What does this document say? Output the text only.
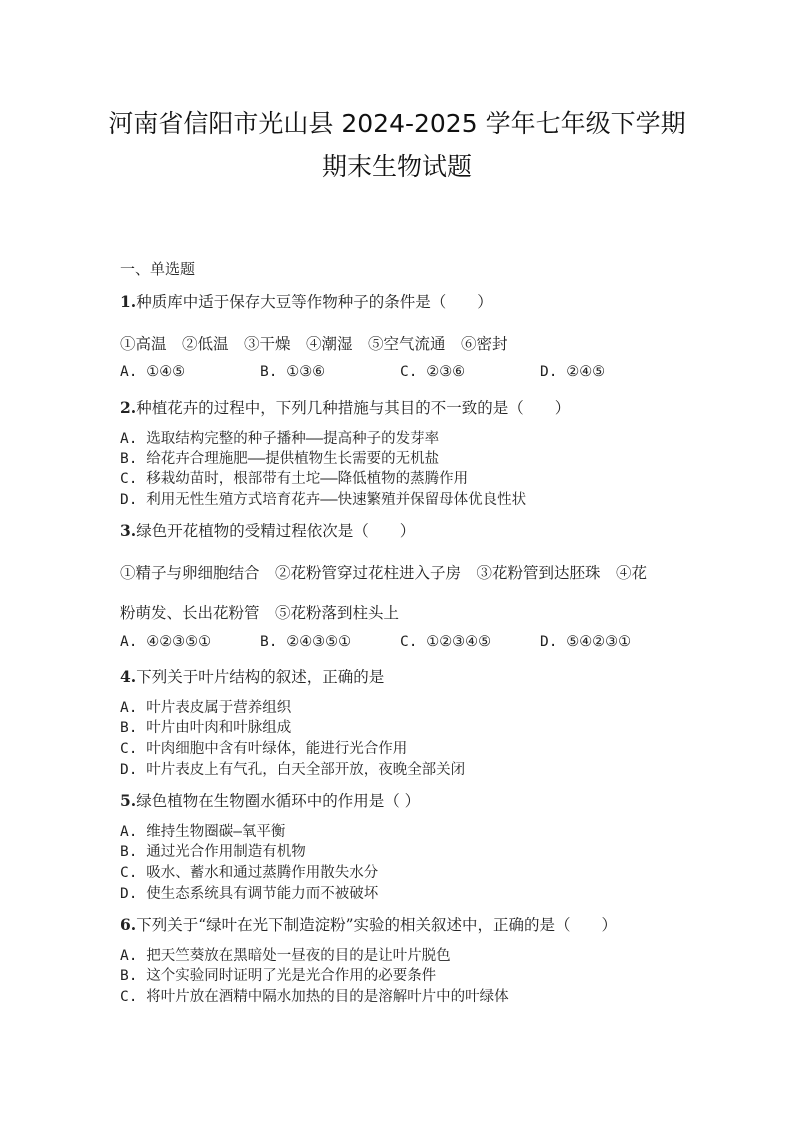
河南省信阳市光山县 2024-2025 学年七年级下学期
期末生物试题
一、单选题
1.种质库中适于保存大豆等作物种子的条件是（　　）
①高温　②低温　③干燥　④潮湿　⑤空气流通　⑥密封
A. ①④⑤	B. ①③⑥	C. ②③⑥	D. ②④⑤
2.种植花卉的过程中，下列几种措施与其目的不一致的是（　　）
A. 选取结构完整的种子播种——提高种子的发芽率
B. 给花卉合理施肥——提供植物生长需要的无机盐
C. 移栽幼苗时，根部带有土坨——降低植物的蒸腾作用
D. 利用无性生殖方式培育花卉——快速繁殖并保留母体优良性状
3.绿色开花植物的受精过程依次是（　　）
①精子与卵细胞结合　②花粉管穿过花柱进入子房　③花粉管到达胚珠　④花
粉萌发、长出花粉管　⑤花粉落到柱头上
A. ④②③⑤①	B. ②④③⑤①	C. ①②③④⑤	D. ⑤④②③①
4.下列关于叶片结构的叙述，正确的是
A. 叶片表皮属于营养组织
B. 叶片由叶肉和叶脉组成
C. 叶肉细胞中含有叶绿体，能进行光合作用
D. 叶片表皮上有气孔，白天全部开放，夜晚全部关闭
5.绿色植物在生物圈水循环中的作用是（ ）
A. 维持生物圈碳—氧平衡
B. 通过光合作用制造有机物
C. 吸水、蓄水和通过蒸腾作用散失水分
D. 使生态系统具有调节能力而不被破坏
6.下列关于“绿叶在光下制造淀粉”实验的相关叙述中，正确的是（　　）
A. 把天竺葵放在黑暗处一昼夜的目的是让叶片脱色
B. 这个实验同时证明了光是光合作用的必要条件
C. 将叶片放在酒精中隔水加热的目的是溶解叶片中的叶绿体
